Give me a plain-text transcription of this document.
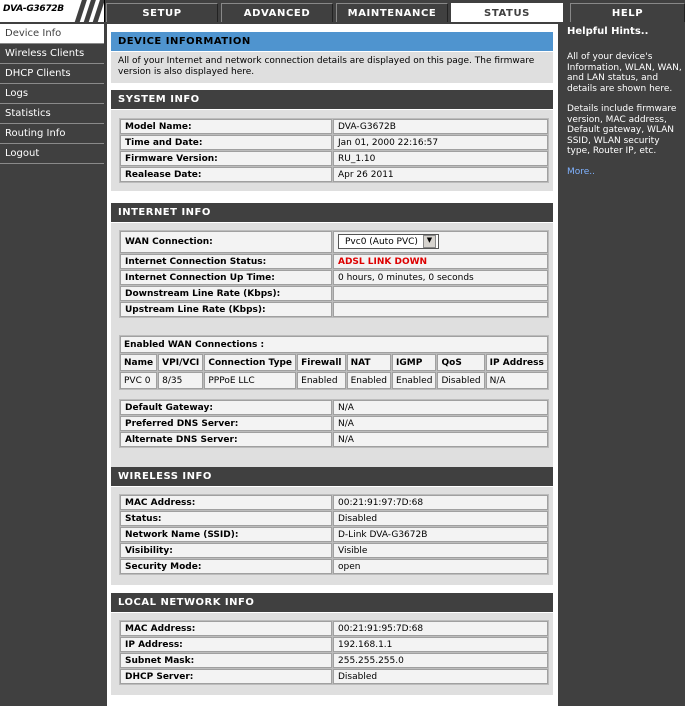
DVA-G3672B	SETUP	ADVANCED	MAINTENANCE	STATUS	HELP
Device Info
Wireless Clients
DHCP Clients
Logs
Statistics
Routing Info
Logout
DEVICE INFORMATION
All of your Internet and network connection details are displayed on this page. The firmware version is also displayed here.
SYSTEM INFO
Model Name:	DVA-G3672B
Time and Date:	Jan 01, 2000 22:16:57
Firmware Version:	RU_1.10
Realease Date:	Apr 26 2011
INTERNET INFO
WAN Connection:	Pvc0 (Auto PVC) ▼
Internet Connection Status:	ADSL LINK DOWN
Internet Connection Up Time:	0 hours, 0 minutes, 0 seconds
Downstream Line Rate (Kbps):	
Upstream Line Rate (Kbps):	
Enabled WAN Connections :							
Name	VPI/VCI	Connection Type	Firewall	NAT	IGMP	QoS	IP Address
PVC 0	8/35	PPPoE LLC	Enabled	Enabled	Enabled	Disabled	N/A
Default Gateway:	N/A
Preferred DNS Server:	N/A
Alternate DNS Server:	N/A
WIRELESS INFO
MAC Address:	00:21:91:97:7D:68
Status:	Disabled
Network Name (SSID):	D-Link DVA-G3672B
Visibility:	Visible
Security Mode:	open
LOCAL NETWORK INFO
MAC Address:	00:21:91:95:7D:68
IP Address:	192.168.1.1
Subnet Mask:	255.255.255.0
DHCP Server:	Disabled
Helpful Hints..

All of your device's Information, WLAN, WAN, and LAN status, and details are shown here.

Details include firmware version, MAC address, Default gateway, WLAN SSID, WLAN security type, Router IP, etc.

More..
